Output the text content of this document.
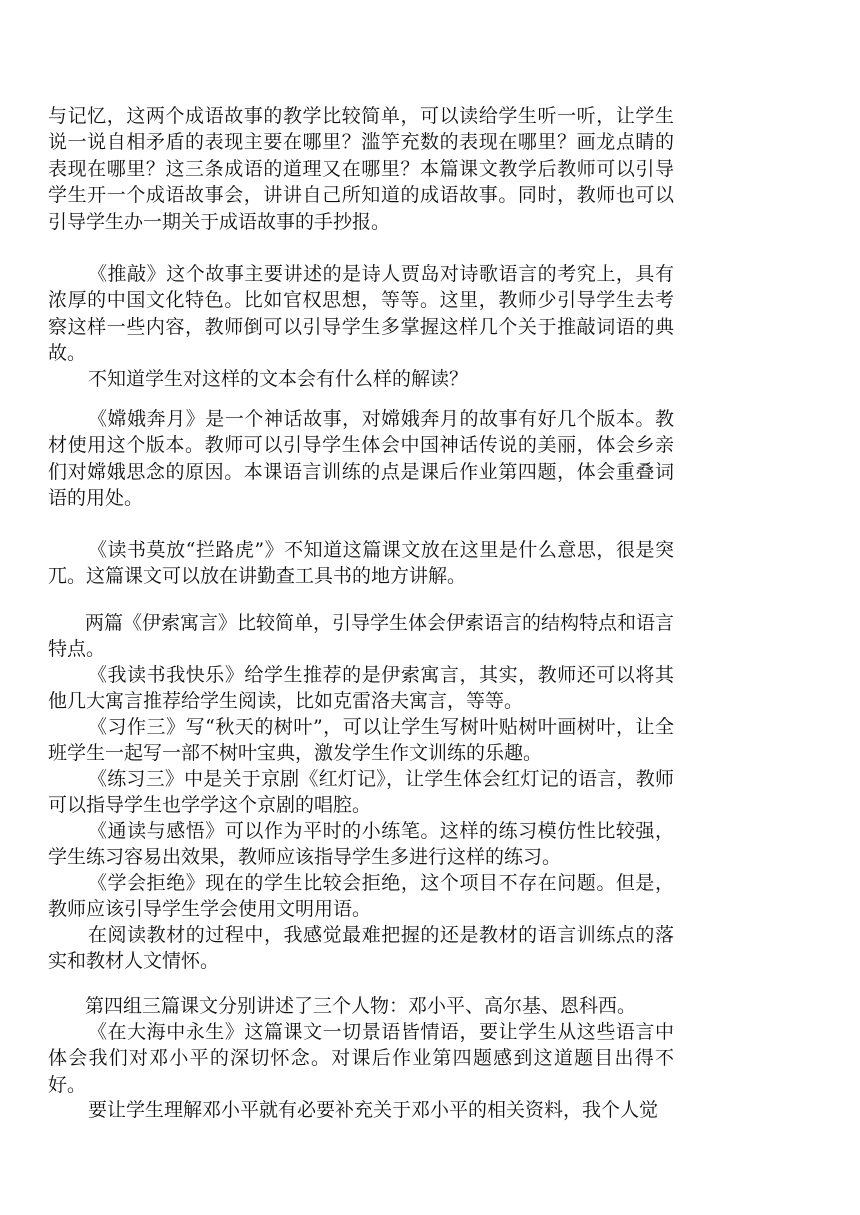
与记忆，这两个成语故事的教学比较简单，可以读给学生听一听，让学生说一说自相矛盾的表现主要在哪里？滥竽充数的表现在哪里？画龙点睛的表现在哪里？这三条成语的道理又在哪里？本篇课文教学后教师可以引导学生开一个成语故事会，讲讲自己所知道的成语故事。同时，教师也可以引导学生办一期关于成语故事的手抄报。

《推敲》这个故事主要讲述的是诗人贾岛对诗歌语言的考究上，具有浓厚的中国文化特色。比如官权思想，等等。这里，教师少引导学生去考察这样一些内容，教师倒可以引导学生多掌握这样几个关于推敲词语的典故。

不知道学生对这样的文本会有什么样的解读？

《嫦娥奔月》是一个神话故事，对嫦娥奔月的故事有好几个版本。教材使用这个版本。教师可以引导学生体会中国神话传说的美丽，体会乡亲们对嫦娥思念的原因。本课语言训练的点是课后作业第四题，体会重叠词语的用处。

《读书莫放“拦路虎”》不知道这篇课文放在这里是什么意思，很是突兀。这篇课文可以放在讲勤查工具书的地方讲解。

两篇《伊索寓言》比较简单，引导学生体会伊索语言的结构特点和语言特点。

《我读书我快乐》给学生推荐的是伊索寓言，其实，教师还可以将其他几大寓言推荐给学生阅读，比如克雷洛夫寓言，等等。

《习作三》写“秋天的树叶”，可以让学生写树叶贴树叶画树叶，让全班学生一起写一部不树叶宝典，激发学生作文训练的乐趣。

《练习三》中是关于京剧《红灯记》，让学生体会红灯记的语言，教师可以指导学生也学学这个京剧的唱腔。

《通读与感悟》可以作为平时的小练笔。这样的练习模仿性比较强，学生练习容易出效果，教师应该指导学生多进行这样的练习。

《学会拒绝》现在的学生比较会拒绝，这个项目不存在问题。但是，教师应该引导学生学会使用文明用语。

在阅读教材的过程中，我感觉最难把握的还是教材的语言训练点的落实和教材人文情怀。

第四组三篇课文分别讲述了三个人物：邓小平、高尔基、恩科西。

《在大海中永生》这篇课文一切景语皆情语，要让学生从这些语言中体会我们对邓小平的深切怀念。对课后作业第四题感到这道题目出得不好。

要让学生理解邓小平就有必要补充关于邓小平的相关资料，我个人觉
